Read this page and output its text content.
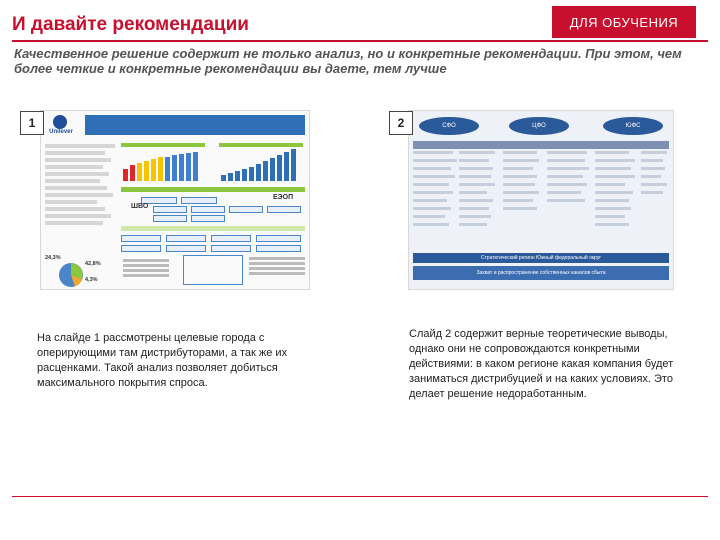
И давайте рекомендации	ДЛЯ ОБУЧЕНИЯ
Качественное решение содержит не только анализ, но и конкретные рекомендации. При этом, чем более четкие и конкретные рекомендации вы даете, тем лучше
Unilever
ШВО
ЕЭОП
24,3%
42,8%
4,3%
1	СФО	ЦФО	ЮФС
Стратегический регион Южный федеральный округ
Захват и распространение собственных каналов сбыта
2
На слайде 1 рассмотрены целевые города с оперирующими там дистрибуторами, а так же их расценками. Такой анализ позволяет добиться максимального покрытия спроса.
Слайд 2 содержит верные теоретические выводы, однако они не сопровождаются конкретными действиями: в каком регионе какая компания будет заниматься дистрибуцией и на каких условиях. Это делает решение недоработанным.
